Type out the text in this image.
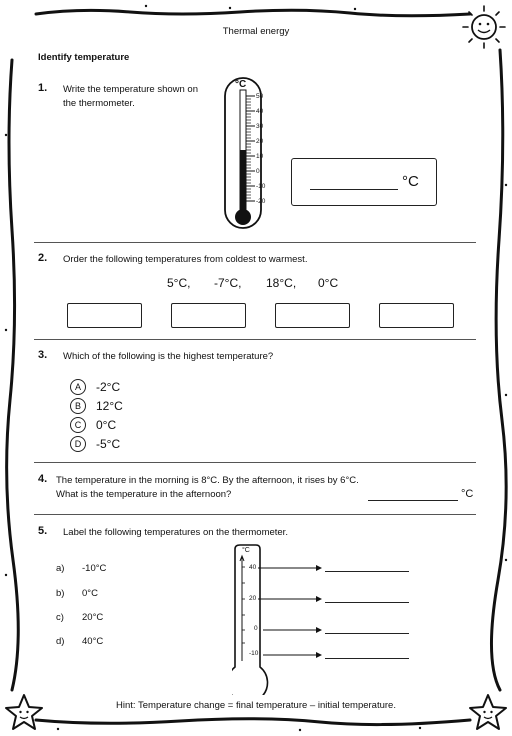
Thermal energy
Identify temperature
1. Write the temperature shown on
the thermometer.
°C
50
40
30
20
10
0
-10
-20
°C
2. Order the following temperatures from coldest to warmest.
5°C, -7°C, 18°C, 0°C
3. Which of the following is the highest temperature?
A -2°C
B 12°C
C 0°C
D -5°C
4. The temperature in the morning is 8°C. By the afternoon, it rises by 6°C.
What is the temperature in the afternoon?	°C
5. Label the following temperatures on the thermometer.
a) -10°C
b) 0°C
c) 20°C
d) 40°C
°C
40
20
0
-10
Hint: Temperature change = final temperature – initial temperature.
